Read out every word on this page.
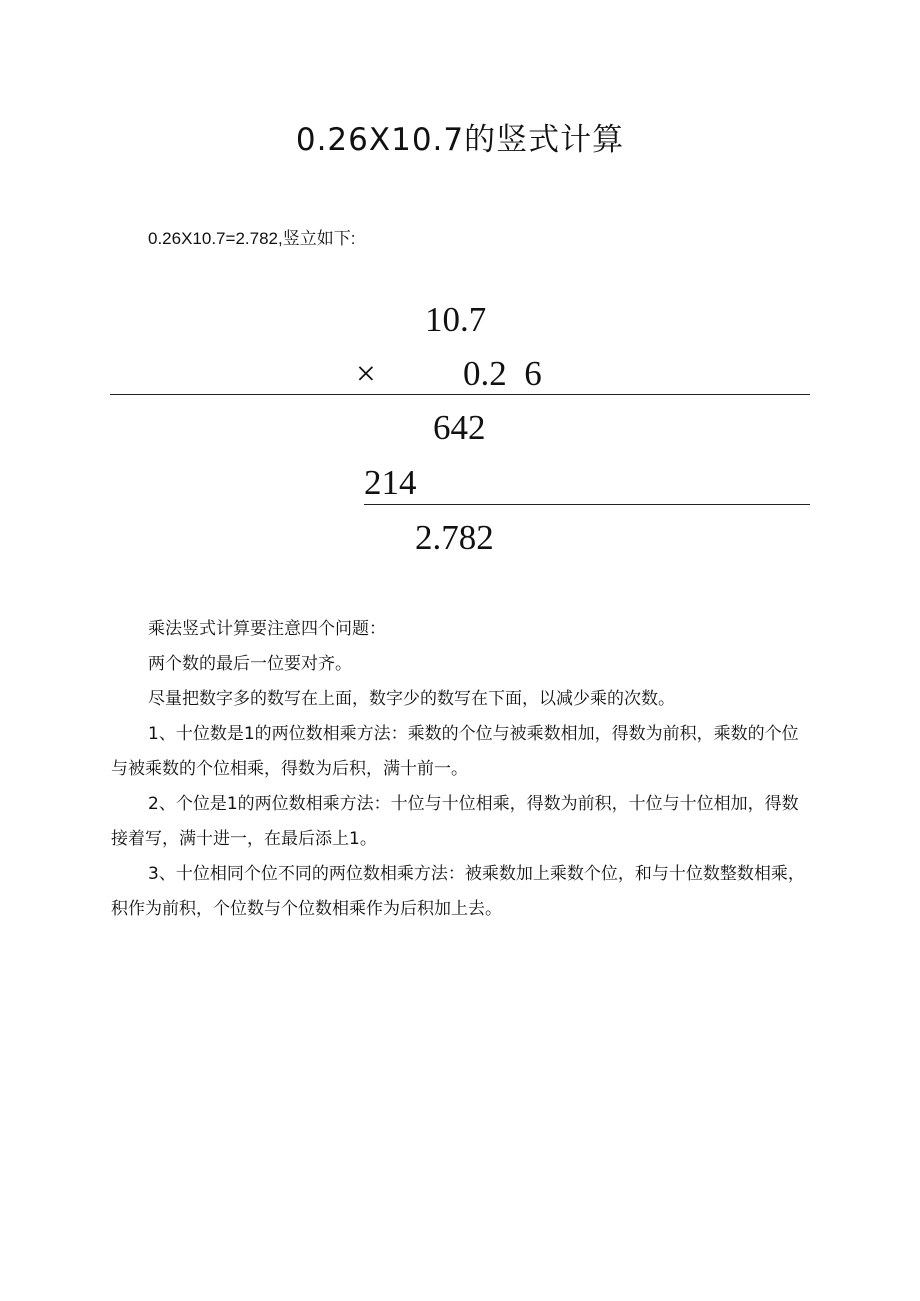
0.26X10.7的竖式计算
0.26X10.7=2.782,竖立如下:
10.7
× 0.2  6
642
214
2.782

乘法竖式计算要注意四个问题：

两个数的最后一位要对齐。

尽量把数字多的数写在上面，数字少的数写在下面，以减少乘的次数。

1、十位数是1的两位数相乘方法：乘数的个位与被乘数相加，得数为前积，乘数的个位与被乘数的个位相乘，得数为后积，满十前一。

2、个位是1的两位数相乘方法：十位与十位相乘，得数为前积，十位与十位相加，得数接着写，满十进一，在最后添上1。

3、十位相同个位不同的两位数相乘方法：被乘数加上乘数个位，和与十位数整数相乘，积作为前积，个位数与个位数相乘作为后积加上去。
